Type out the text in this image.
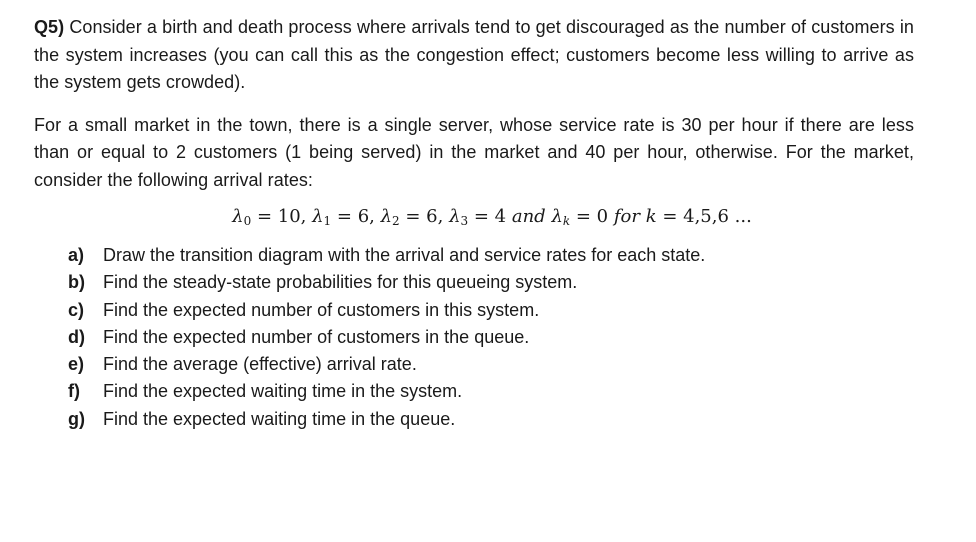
Q5) Consider a birth and death process where arrivals tend to get discouraged as the number of customers in the system increases (you can call this as the congestion effect; customers become less willing to arrive as the system gets crowded).

For a small market in the town, there is a single server, whose service rate is 30 per hour if there are less than or equal to 2 customers (1 being served) in the market and 40 per hour, otherwise. For the market, consider the following arrival rates:

$\lambda_0 = 10$, $\lambda_1 = 6$, $\lambda_2 = 6$, $\lambda_3 = 4$ and $\lambda_k = 0$ for k = 4,5,6 ...
a)	Draw the transition diagram with the arrival and service rates for each state.
b)	Find the steady-state probabilities for this queueing system.
c)	Find the expected number of customers in this system.
d)	Find the expected number of customers in the queue.
e)	Find the average (effective) arrival rate.
f)	Find the expected waiting time in the system.
g)	Find the expected waiting time in the queue.
